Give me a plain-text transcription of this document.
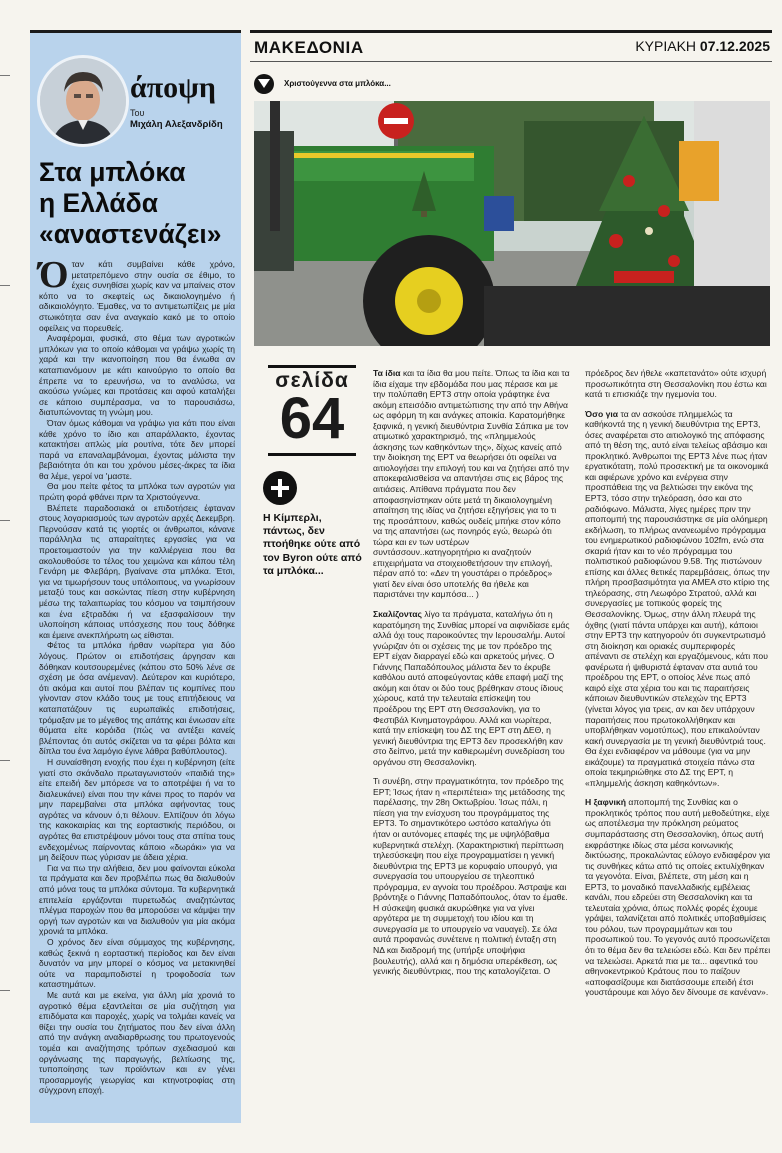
άποψη
Του
Μιχάλη Αλεξανδρίδη
Στα μπλόκα
η Ελλάδα
«αναστενάζει»

Όταν κάτι συμβαίνει κάθε χρόνο, μετατρεπόμενο στην ουσία σε έθιμο, το έχεις συνηθίσει χωρίς καν να μπαίνεις στον κόπο να το σκεφτείς ως δικαιολογημένο ή αδικαιολόγητο. Έμαθες, να το αντιμετωπίζεις με μία στωικότητα σαν ένα αναγκαίο κακό με το οποίο οφείλεις να πορευθείς.

Αναφέρομαι, φυσικά, στο θέμα των αγροτικών μπλόκων για το οποίο κάθομαι να γράψω χωρίς τη χαρά και την ικανοποίηση που θα ένιωθα αν καταπιανόμουν με κάτι καινούργιο το οποίο θα έπρεπε να το ερευνήσω, να το αναλύσω, να ακούσω γνώμες και προτάσεις και αφού καταλήξει σε κάποιο συμπέρασμα, να το παρουσιάσω, διατυπώνοντας τη γνώμη μου.

Όταν όμως κάθομαι να γράψω για κάτι που είναι κάθε χρόνο το ίδιο και απαράλλακτο, έχοντας κατακτήσει απλώς μία ρουτίνα, τότε δεν μπορεί παρά να επαναλαμβάνομαι, έχοντας μάλιστα την βεβαιότητα ότι και του χρόνου μέσες-άκρες τα ίδια θα λέμε, γεροί να 'μαστε.

Θα μου πείτε φέτος τα μπλόκα των αγροτών για πρώτη φορά φθάνει πριν τα Χριστούγεννα.

Βλέπετε παραδοσιακά οι επιδοτήσεις έφταναν στους λογαριασμούς των αγροτών αρχές Δεκεμβρη. Περνούσαν κατά τις γιορτές οι άνθρωποι, κάνανε παράλληλα τις απαραίτητες εργασίες για να προετοιμαστούν για την καλλιέργεια που θα ακολουθούσε το τέλος του χειμώνα και κάπου τέλη Γενάρη με Φλεβάρη, βγαίνανε στα μπλόκα. Έτσι, για να τιμωρήσουν τους υπόλοιπους, να γνωρίσουν μεταξύ τους και ασκώντας πίεση στην κυβέρνηση μέσω της ταλαιπωρίας του κόσμου να τσιμπήσουν και ένα εξτραδάκι ή να εξασφαλίσουν την υλοποίηση κάποιας υπόσχεσης που τους δόθηκε και έμεινε ανεκπλήρωτη ως είθισται.

Φέτος τα μπλόκα ήρθαν νωρίτερα για δύο λόγους. Πρώτον οι επιδοτήσεις άργησαν και δόθηκαν κουτσουρεμένες (κάπου στο 50% λένε σε σχέση με όσα ανέμεναν). Δεύτερον και κυριότερο, ότι ακόμα και αυτοί που βλέπαν τις κομπίνες που γίνονταν στον κλάδο τους με τους επιτήδειους να καταπατάζουν τις ευρωπαϊκές επιδοτήσεις, τρόμαξαν με το μέγεθος της απάτης και ένιωσαν είτε θύματα είτε κορόιδα (πώς να αντέξει κανείς βλέποντας ότι αυτός σκίζεται να τα φέρει βόλτα και δίπλα του ένα λαμόγιο έγινε λάθρα βαθύπλουτος).

Η συναίσθηση ενοχής που έχει η κυβέρνηση (είτε γιατί στο σκάνδαλο πρωταγωνιστούν «παιδιά της» είτε επειδή δεν μπόρεσε να το αποτρέψει ή να το διαλευκάνει) είναι που την κάνει προς το παρόν να μην παρεμβαίνει στα μπλόκα αφήνοντας τους αγρότες να κάνουν ό,τι θέλουν. Ελπίζουν ότι λόγω της κακοκαιρίας και της εορταστικής περιόδου, οι αγρότες θα επιστρέψουν μόνοι τους στα σπίτια τους ενδεχομένως παίρνοντας κάποιο «δωράκι» για να μη δείξουν πως γύρισαν με άδεια χέρια.

Για να πω την αλήθεια, δεν μου φαίνονται εύκολα τα πράγματα και δεν προβλέπω πως θα διαλυθούν από μόνα τους τα μπλόκα σύντομα. Τα κυβερνητικά επιτελεία εργάζονται πυρετωδώς αναζητώντας πλέγμα παροχών που θα μπορούσει να κάμψει την οργή των αγροτών και να διαλυθούν για μία ακόμα χρονιά τα μπλόκα.

Ο χρόνος δεν είναι σύμμαχος της κυβέρνησης, καθώς ξεκινά η εορταστική περίοδος και δεν είναι δυνατόν να μην μπορεί ο κόσμος να μετακινηθεί ούτε να παραμποδιστεί η τροφοδοσία των καταστημάτων.

Με αυτά και με εκείνα, για άλλη μία χρονιά το αγροτικό θέμα εξαντλείται σε μία συζήτηση για επιδόματα και παροχές, χωρίς να τολμάει κανείς να θίξει την ουσία του ζητήματος που δεν είναι άλλη από την ανάγκη αναδιαρθρωσης του πρωτογενούς τομέα και αναζήτησης τρόπων σχεδιασμού και οργάνωσης της παραγωγής, βελτίωσης της, τυποποίησης των προϊόντων και εν γένει προσαρμογής γεωργίας και κτηνοτροφίας στη σύγχρονη εποχή.

ΜΑΚΕΔΟΝΙΑ	ΚΥΡΙΑΚΗ 07.12.2025
Χριστούγεννα στα μπλόκα...
σελίδα
64
Η Κίμπερλι, πάντως, δεν πτοήθηκε ούτε από τον Byron ούτε από τα μπλόκα...

Τα ίδια και τα ίδια θα μου πείτε. Όπως τα ίδια και τα ίδια είχαμε την εβδομάδα που μας πέρασε και με την πολύπαθη ΕΡΤ3 στην οποία γράφτηκε ένα ακόμη επεισόδιο αντιμετώπισης την από την Αθήνα ως αφόρμη τη και ανάγκες αποικία. Καρατομήθηκε ξαφνικά, η γενική διευθύντρια Συνθία Σάπικα με τον ατιμωτικό χαρακτηρισμό, της «πλημμελούς άσκησης των καθηκόντων της», δίχως κανείς από την διοίκηση της ΕΡΤ να θεωρήσει ότι οφείλει να αιτιολογήσει την επιλογή του και να ζητήσει από την αποκεφαλισθείσα να απαντήσει στις εις βάρος της αιτιάσεις. Απίθανα πράγματα που δεν αποφασηνίστηκαν ούτε μετά τη δικαιολογημένη απαίτηση της ιδίας να ζητήσει εξηγήσεις για το τι της προσάπτουν, καθώς ουδείς μπήκε στον κόπο να της απαντήσει (ως πονηρός εγώ, θεωρώ ότι τώρα και εν των υστέρων συντάσσουν..κατηγορητήριο κι αναζητούν επιχειρήματα να στοιχειοθετήσουν την επιλογή, πέραν από το: «Δεν τη γουστάρει ο πρόεδρος» γιατί δεν είναι όσο υποτελής θα ήθελε και παριστάνει την καμπόσα... )

Σκαλίζοντας λίγο τα πράγματα, καταλήγω ότι η καρατόμηση της Συνθίας μπορεί να αιφνιδίασε εμάς αλλά όχι τους παροικούντες την Ιερουσαλήμ. Αυτοί γνώριζαν ότι οι σχέσεις της με τον πρόεδρο της ΕΡΤ είχαν διαρραγεί εδώ και αρκετούς μήνες. Ο Γιάννης Παπαδόπουλος μάλιστα δεν το έκρυβε καθόλου αυτό αποφεύγοντας κάθε επαφή μαζί της ακόμη και όταν οι δύο τους βρέθηκαν στους ίδιους χώρους, κατά την τελευταία επίσκεψη του προέδρου της ΕΡΤ στη Θεσσαλονίκη, για το Φεστιβάλ Κινηματογράφου. Αλλά και νωρίτερα, κατά την επίσκεψη του ΔΣ της ΕΡΤ στη ΔΕΘ, η γενική διευθύντρια της ΕΡΤ3 δεν προσεκλήθη καν στο δείπνο, μετά την καθιερωμένη συνεδρίαση του οργάνου στη Θεσσαλονίκη.

Τι συνέβη, στην πραγματικότητα, τον πρόεδρο της ΕΡΤ; Ίσως ήταν η «περιπέτεια» της μετάδοσης της παρέλασης, την 28η Οκτωβρίου. Ίσως πάλι, η πίεση για την ενίσχυση του προγράμματος της ΕΡΤ3. Το σημαντικότερο ωστόσο καταλήγω ότι ήταν οι αυτόνομες επαφές της με υψηλόβαθμα κυβερνητικά στελέχη. (Χαρακτηριστική περίπτωση τηλεσύσκεψη που είχε προγραμματίσει η γενική διευθύντρια της ΕΡΤ3 με κορυφαίο υπουργό, για συνεργασία του υπουργείου σε τηλεοπτικό πρόγραμμα, εν αγνοία του προέδρου. Άστραψε και βρόντηξε ο Γιάννης Παπαδόπουλος, όταν το έμαθε. Η σύσκεψη φυσικά ακυρώθηκε για να γίνει αργότερα με τη συμμετοχή του ιδίου και τη συνεργασία με το υπουργείο να ναυαγεί). Σε όλα αυτά προφανώς συνέτεινε η πολιτική ένταξη στη ΝΔ και διαδρομή της (υπήρξε υποψήφια βουλευτής), αλλά και η δημόσια υπερέκθεση, ως γενικής διευθύντριας, που της καταλογίζεται. Ο

πρόεδρος δεν ήθελε «καπετανάτο» ούτε ισχυρή προσωπικότητα στη Θεσσαλονίκη που έστω και κατά τι επισκιάζε την ηγεμονία του.

Όσο για τα αν ασκούσε πλημμελώς τα καθήκοντά της η γενική διευθύντρια της ΕΡΤ3, όσες αναφέρεται στο αιτιολογικό της απόφασης από τη θέση της, αυτό είναι τελείως αβάσιμο και προκλητικό. Άνθρωποι της ΕΡΤ3 λένε πως ήταν εργατικότατη, πολύ προσεκτική με τα οικονομικά και αφιέρωνε χρόνο και ενέργεια στην προσπάθεια της να βελτιώσει την εικόνα της ΕΡΤ3, τόσο στην τηλεόραση, όσο και στο ραδιόφωνο. Μάλιστα, λίγες ημέρες πριν την αποπομπή της παρουσιάστηκε σε μία ολόημερη εκδήλωση, το πλήρως ανανεωμένο πρόγραμμα του ενημερωτικού ραδιοφώνου 102fm, ενώ στα σκαριά ήταν και το νέο πρόγραμμα του πολιτιστικού ραδιοφώνου 9.58. Της πιστώνουν επίσης και άλλες θετικές παρεμβάσεις, όπως την πλήρη προσβασιμότητα για ΑΜΕΑ στο κτίριο της τηλεόρασης, στη Λεωφόρο Στρατού, αλλά και συνεργασίες με τοπικούς φορείς της Θεσσαλονίκης. Όμως, στην άλλη πλευρά της όχθης (γιατί πάντα υπάρχει και αυτή), κάποιοι στην ΕΡΤ3 την κατηγορούν ότι συγκεντρωτισμό στη διοίκηση και οριακές συμπεριφορές απέναντι σε στελέχη και εργαζόμενους, κάτι που φανέρωτα ή ψιθυριστά έφταναν στα αυτιά του προέδρου της ΕΡΤ, ο οποίος λένε πως από καιρό είχε στα χέρια του και τις παραιτήσεις κάποιων διευθυντικών στελεχών της ΕΡΤ3 (γίνεται λόγος για τρεις, αν και δεν υπάρχουν παραιτήσεις που πρωτοκολλήθηκαν και υποβλήθηκαν νομοτύπως), που επικαλούνταν κακή συνεργασία με τη γενική διευθύντριά τους. Θα έχει ενδιαφέρον να μάθουμε (για να μην εικάζουμε) τα πραγματικά στοιχεία πάνω στα οποία τεκμηριώθηκε στο ΔΣ της ΕΡΤ, η «πλημμελής άσκηση καθηκόντων».

Η ξαφνική αποπομπή της Συνθίας και ο προκλητικός τρόπος που αυτή μεθοδεύτηκε, είχε ως αποτέλεσμα την πρόκληση ρεύματος συμπαράστασης στη Θεσσαλονίκη, όπως αυτή εκφράστηκε ιδίως στα μέσα κοινωνικής δικτύωσης, προκαλώντας εύλογο ενδιαφέρον για τις συνθήκες κάτω από τις οποίες εκτυλίχθηκαν τα γεγονότα. Είναι, βλέπετε, στη μέση και η ΕΡΤ3, το μοναδικό πανελλαδικής εμβέλειας κανάλι, που εδρεύει στη Θεσσαλονίκη και τα τελευταία χρόνια, όπως πολλές φορές έχουμε γράψει, ταλανίζεται από πολιτικές υποβαθμίσεις του ρόλου, των προγραμμάτων και του προσωπικού του. Το γεγονός αυτό προσωνίζεται ότι το θέμα δεν θα τελειώσει εδώ. Και δεν πρέπει να τελειώσει. Αρκετά πια με τα... αφεντικά του αθηνοκεντρικού Κράτους που το παίζουν «αποφασίζουμε και διατάσσουμε επειδή έτσι γουστάρουμε και λόγο δεν δίνουμε σε κανέναν».
